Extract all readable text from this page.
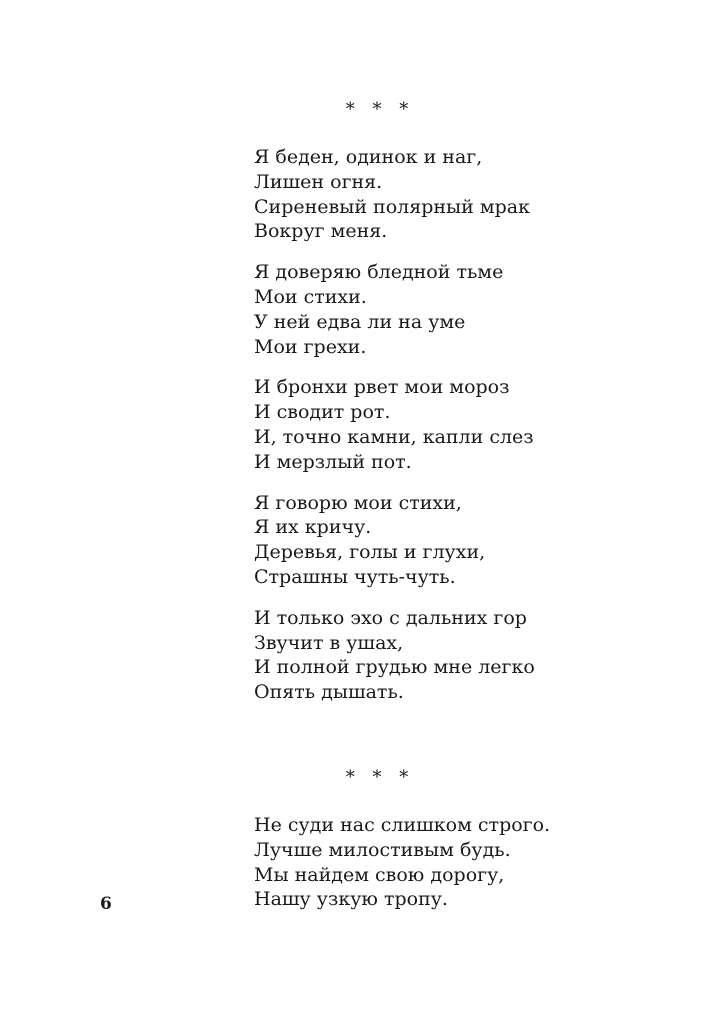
* * *
Я беден, одинок и наг,
Лишен огня.
Сиреневый полярный мрак
Вокруг меня.
Я доверяю бледной тьме
Мои стихи.
У ней едва ли на уме
Мои грехи.
И бронхи рвет мои мороз
И сводит рот.
И, точно камни, капли слез
И мерзлый пот.
Я говорю мои стихи,
Я их кричу.
Деревья, голы и глухи,
Страшны чуть-чуть.
И только эхо с дальних гор
Звучит в ушах,
И полной грудью мне легко
Опять дышать.
* * *
Не суди нас слишком строго.
Лучше милостивым будь.
Мы найдем свою дорогу,
Нашу узкую тропу.
6
